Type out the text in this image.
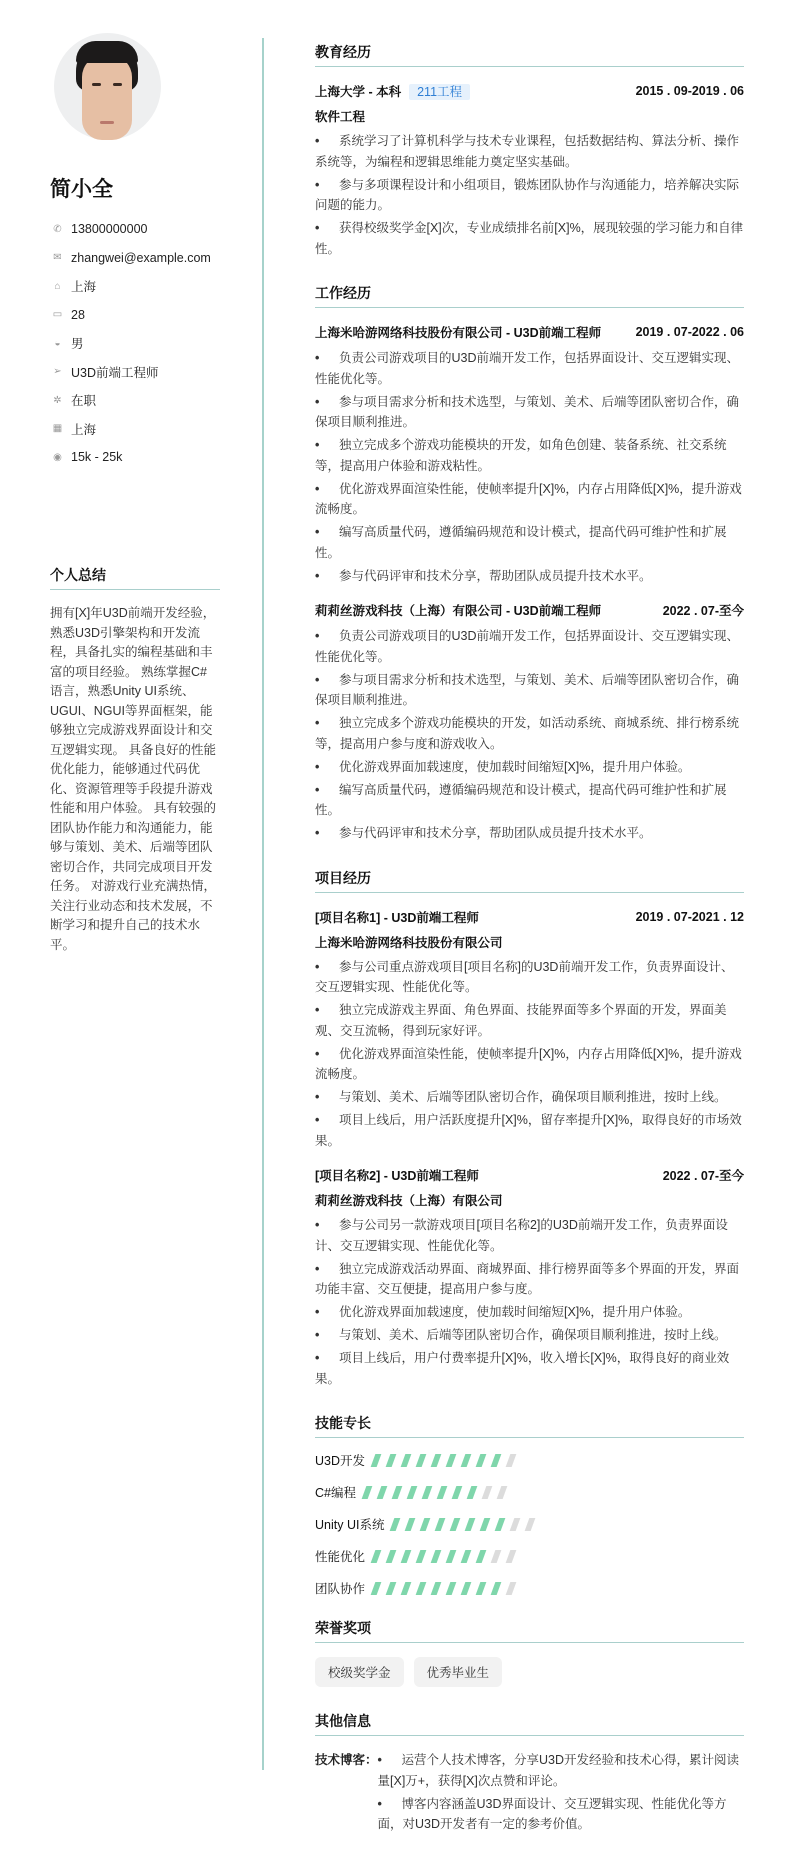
简小全
✆ 13800000000
✉ zhangwei@example.com
⌂ 上海
▭ 28
◒ 男
➢ U3D前端工程师
✲ 在职
▦ 上海
◉ 15k - 25k
个人总结

拥有[X]年U3D前端开发经验，熟悉U3D引擎架构和开发流程，具备扎实的编程基础和丰富的项目经验。 熟练掌握C#语言，熟悉Unity UI系统、UGUI、NGUI等界面框架，能够独立完成游戏界面设计和交互逻辑实现。 具备良好的性能优化能力，能够通过代码优化、资源管理等手段提升游戏性能和用户体验。 具有较强的团队协作能力和沟通能力，能够与策划、美术、后端等团队密切合作，共同完成项目开发任务。 对游戏行业充满热情，关注行业动态和技术发展，不断学习和提升自己的技术水平。

教育经历
上海大学 - 本科 211工程	2015 . 09-2019 . 06
软件工程
• 系统学习了计算机科学与技术专业课程，包括数据结构、算法分析、操作系统等，为编程和逻辑思维能力奠定坚实基础。
• 参与多项课程设计和小组项目，锻炼团队协作与沟通能力，培养解决实际问题的能力。
• 获得校级奖学金[X]次，专业成绩排名前[X]%，展现较强的学习能力和自律性。
工作经历
上海米哈游网络科技股份有限公司 - U3D前端工程师	2019 . 07-2022 . 06
• 负责公司游戏项目的U3D前端开发工作，包括界面设计、交互逻辑实现、性能优化等。
• 参与项目需求分析和技术选型，与策划、美术、后端等团队密切合作，确保项目顺利推进。
• 独立完成多个游戏功能模块的开发，如角色创建、装备系统、社交系统等，提高用户体验和游戏粘性。
• 优化游戏界面渲染性能，使帧率提升[X]%，内存占用降低[X]%，提升游戏流畅度。
• 编写高质量代码，遵循编码规范和设计模式，提高代码可维护性和扩展性。
• 参与代码评审和技术分享，帮助团队成员提升技术水平。
莉莉丝游戏科技（上海）有限公司 - U3D前端工程师	2022 . 07-至今
• 负责公司游戏项目的U3D前端开发工作，包括界面设计、交互逻辑实现、性能优化等。
• 参与项目需求分析和技术选型，与策划、美术、后端等团队密切合作，确保项目顺利推进。
• 独立完成多个游戏功能模块的开发，如活动系统、商城系统、排行榜系统等，提高用户参与度和游戏收入。
• 优化游戏界面加载速度，使加载时间缩短[X]%，提升用户体验。
• 编写高质量代码，遵循编码规范和设计模式，提高代码可维护性和扩展性。
• 参与代码评审和技术分享，帮助团队成员提升技术水平。
项目经历
[项目名称1] - U3D前端工程师	2019 . 07-2021 . 12
上海米哈游网络科技股份有限公司
• 参与公司重点游戏项目[项目名称]的U3D前端开发工作，负责界面设计、交互逻辑实现、性能优化等。
• 独立完成游戏主界面、角色界面、技能界面等多个界面的开发，界面美观、交互流畅，得到玩家好评。
• 优化游戏界面渲染性能，使帧率提升[X]%，内存占用降低[X]%，提升游戏流畅度。
• 与策划、美术、后端等团队密切合作，确保项目顺利推进，按时上线。
• 项目上线后，用户活跃度提升[X]%，留存率提升[X]%，取得良好的市场效果。
[项目名称2] - U3D前端工程师	2022 . 07-至今
莉莉丝游戏科技（上海）有限公司
• 参与公司另一款游戏项目[项目名称2]的U3D前端开发工作，负责界面设计、交互逻辑实现、性能优化等。
• 独立完成游戏活动界面、商城界面、排行榜界面等多个界面的开发，界面功能丰富、交互便捷，提高用户参与度。
• 优化游戏界面加载速度，使加载时间缩短[X]%，提升用户体验。
• 与策划、美术、后端等团队密切合作，确保项目顺利推进，按时上线。
• 项目上线后，用户付费率提升[X]%，收入增长[X]%，取得良好的商业效果。
技能专长
U3D开发
C#编程
Unity UI系统
性能优化
团队协作
荣誉奖项
校级奖学金	优秀毕业生
其他信息
技术博客： • 运营个人技术博客，分享U3D开发经验和技术心得，累计阅读量[X]万+，获得[X]次点赞和评论。
• 博客内容涵盖U3D界面设计、交互逻辑实现、性能优化等方面，对U3D开发者有一定的参考价值。
